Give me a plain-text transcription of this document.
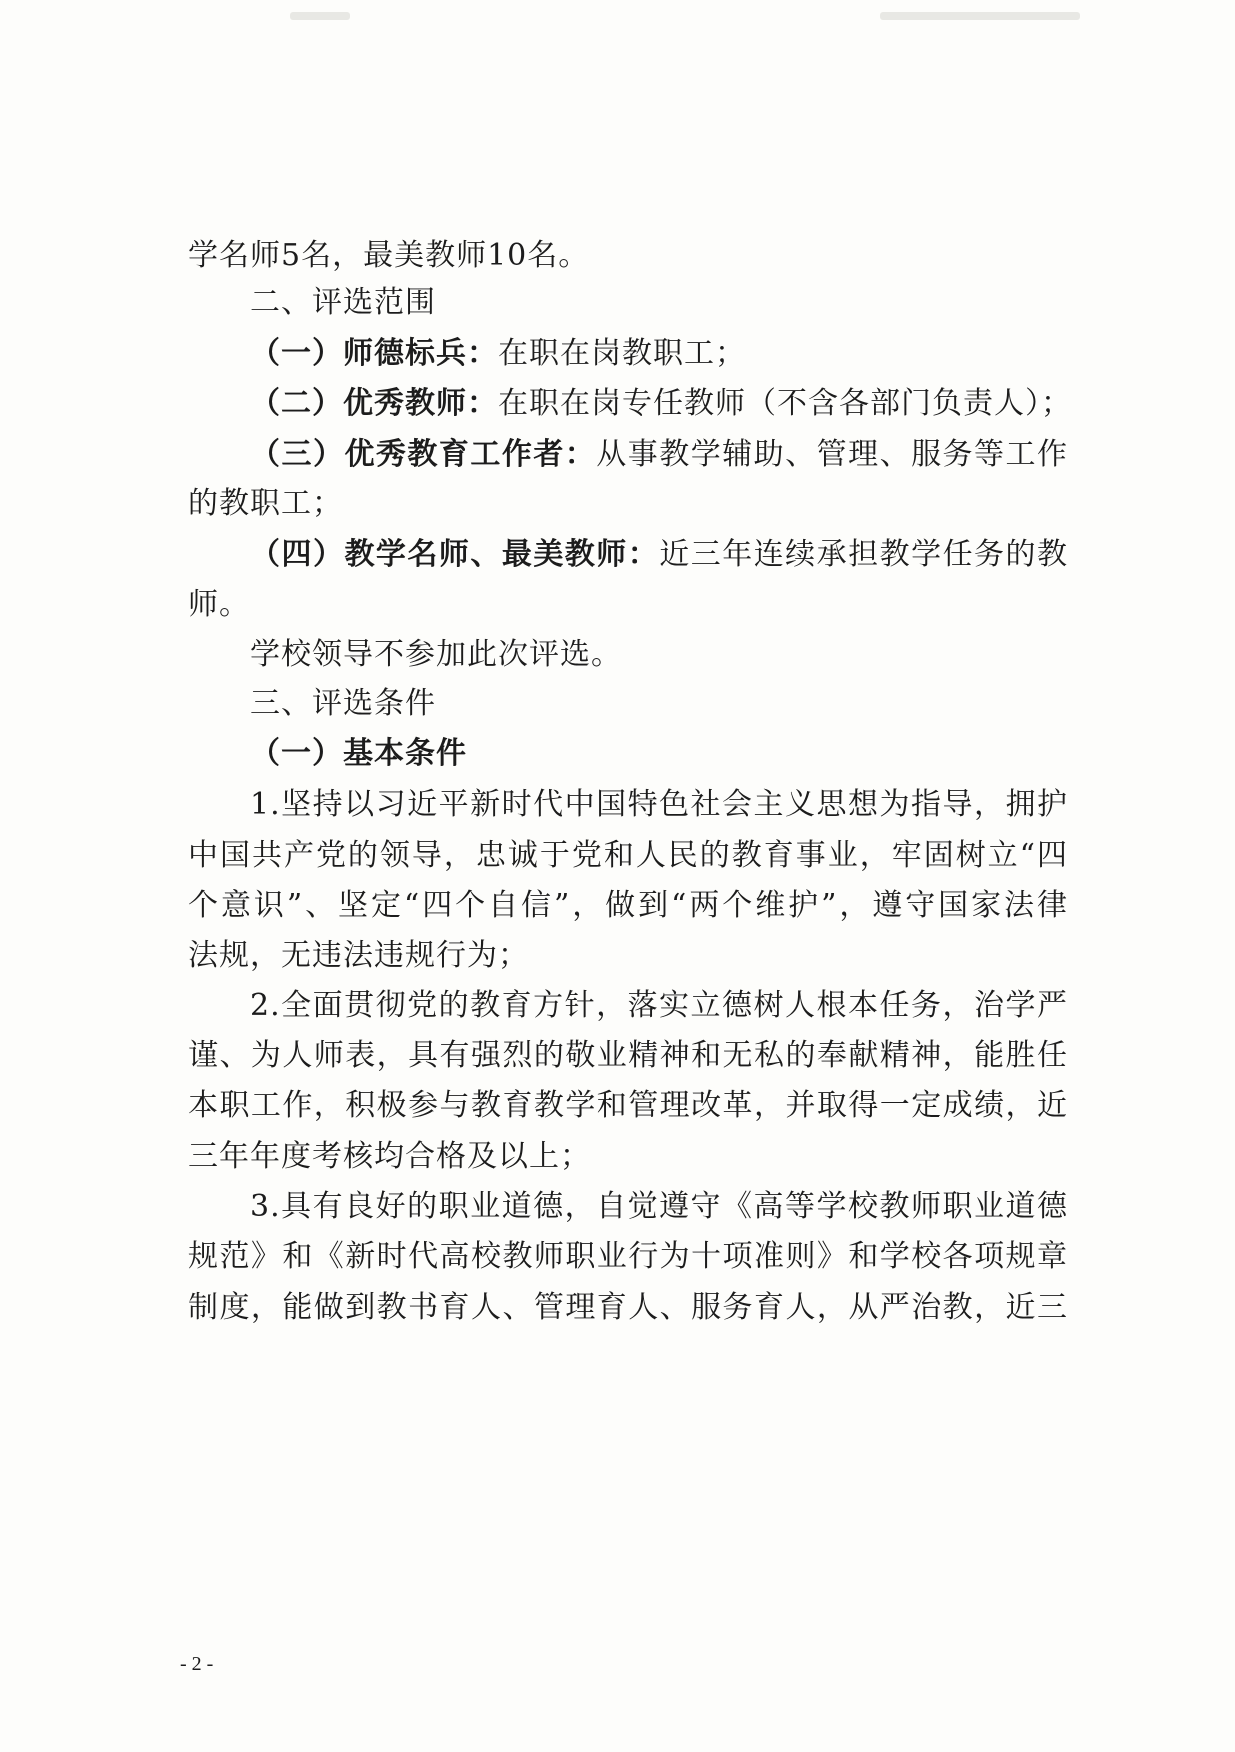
学名师5名，最美教师10名。
二、评选范围
（一）师德标兵：在职在岗教职工；
（二）优秀教师：在职在岗专任教师（不含各部门负责人）；
（三）优秀教育工作者：从事教学辅助、管理、服务等工作
的教职工；
（四）教学名师、最美教师：近三年连续承担教学任务的教
师。
学校领导不参加此次评选。
三、评选条件
（一）基本条件
1.坚持以习近平新时代中国特色社会主义思想为指导，拥护
中国共产党的领导，忠诚于党和人民的教育事业，牢固树立“四
个意识”、坚定“四个自信”，做到“两个维护”，遵守国家法律
法规，无违法违规行为；
2.全面贯彻党的教育方针，落实立德树人根本任务，治学严
谨、为人师表，具有强烈的敬业精神和无私的奉献精神，能胜任
本职工作，积极参与教育教学和管理改革，并取得一定成绩，近
三年年度考核均合格及以上；
3.具有良好的职业道德，自觉遵守《高等学校教师职业道德
规范》和《新时代高校教师职业行为十项准则》和学校各项规章
制度，能做到教书育人、管理育人、服务育人，从严治教，近三
- 2 -
